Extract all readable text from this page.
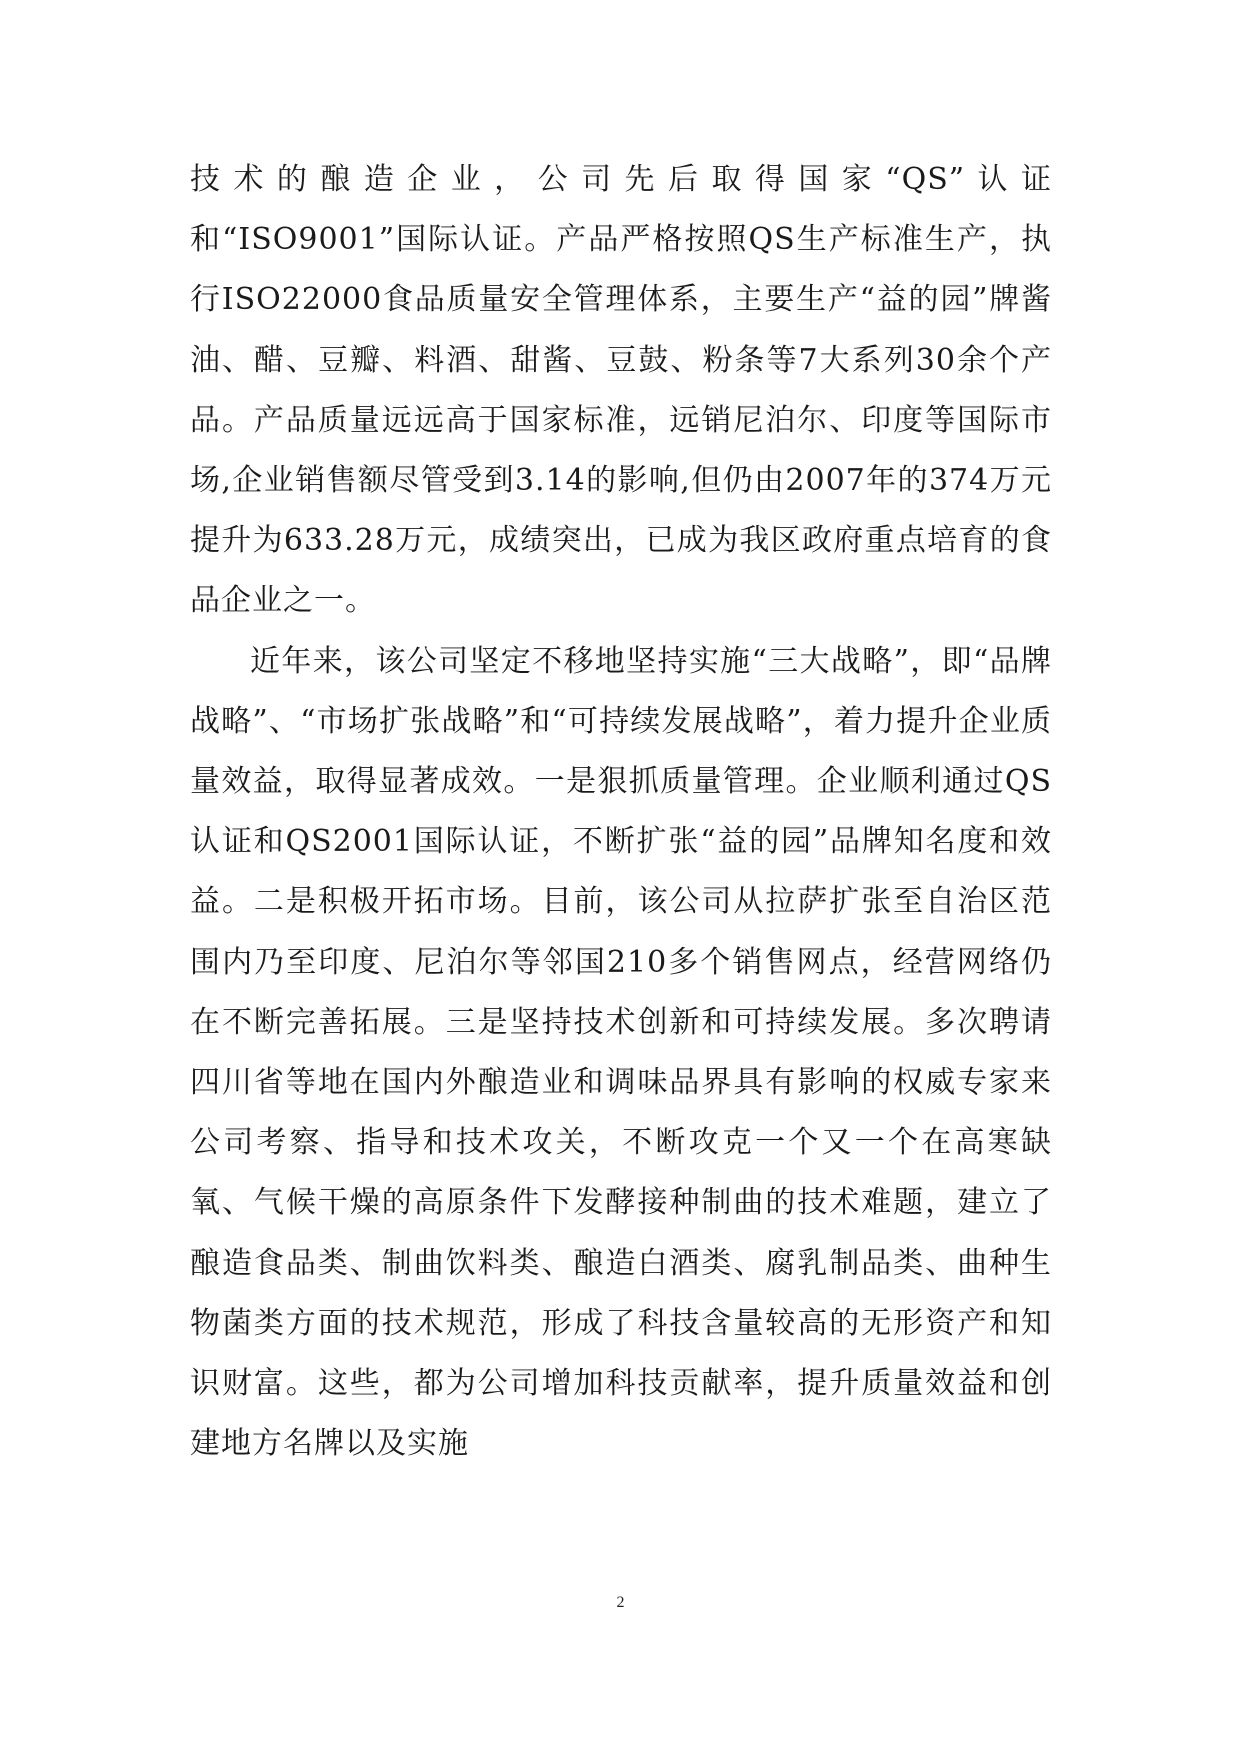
技术的酿造企业，公司先后取得国家“QS”认证和“ISO9001”国际认证。产品严格按照QS生产标准生产，执行ISO22000食品质量安全管理体系，主要生产“益的园”牌酱油、醋、豆瓣、料酒、甜酱、豆鼓、粉条等7大系列30余个产品。产品质量远远高于国家标准，远销尼泊尔、印度等国际市场,企业销售额尽管受到3.14的影响,但仍由2007年的374万元提升为633.28万元，成绩突出，已成为我区政府重点培育的食品企业之一。

近年来，该公司坚定不移地坚持实施“三大战略”，即“品牌战略”、“市场扩张战略”和“可持续发展战略”，着力提升企业质量效益，取得显著成效。一是狠抓质量管理。企业顺利通过QS认证和QS2001国际认证，不断扩张“益的园”品牌知名度和效益。二是积极开拓市场。目前，该公司从拉萨扩张至自治区范围内乃至印度、尼泊尔等邻国210多个销售网点，经营网络仍在不断完善拓展。三是坚持技术创新和可持续发展。多次聘请四川省等地在国内外酿造业和调味品界具有影响的权威专家来公司考察、指导和技术攻关，不断攻克一个又一个在高寒缺氧、气候干燥的高原条件下发酵接种制曲的技术难题，建立了酿造食品类、制曲饮料类、酿造白酒类、腐乳制品类、曲种生物菌类方面的技术规范，形成了科技含量较高的无形资产和知识财富。这些，都为公司增加科技贡献率，提升质量效益和创建地方名牌以及实施

2
